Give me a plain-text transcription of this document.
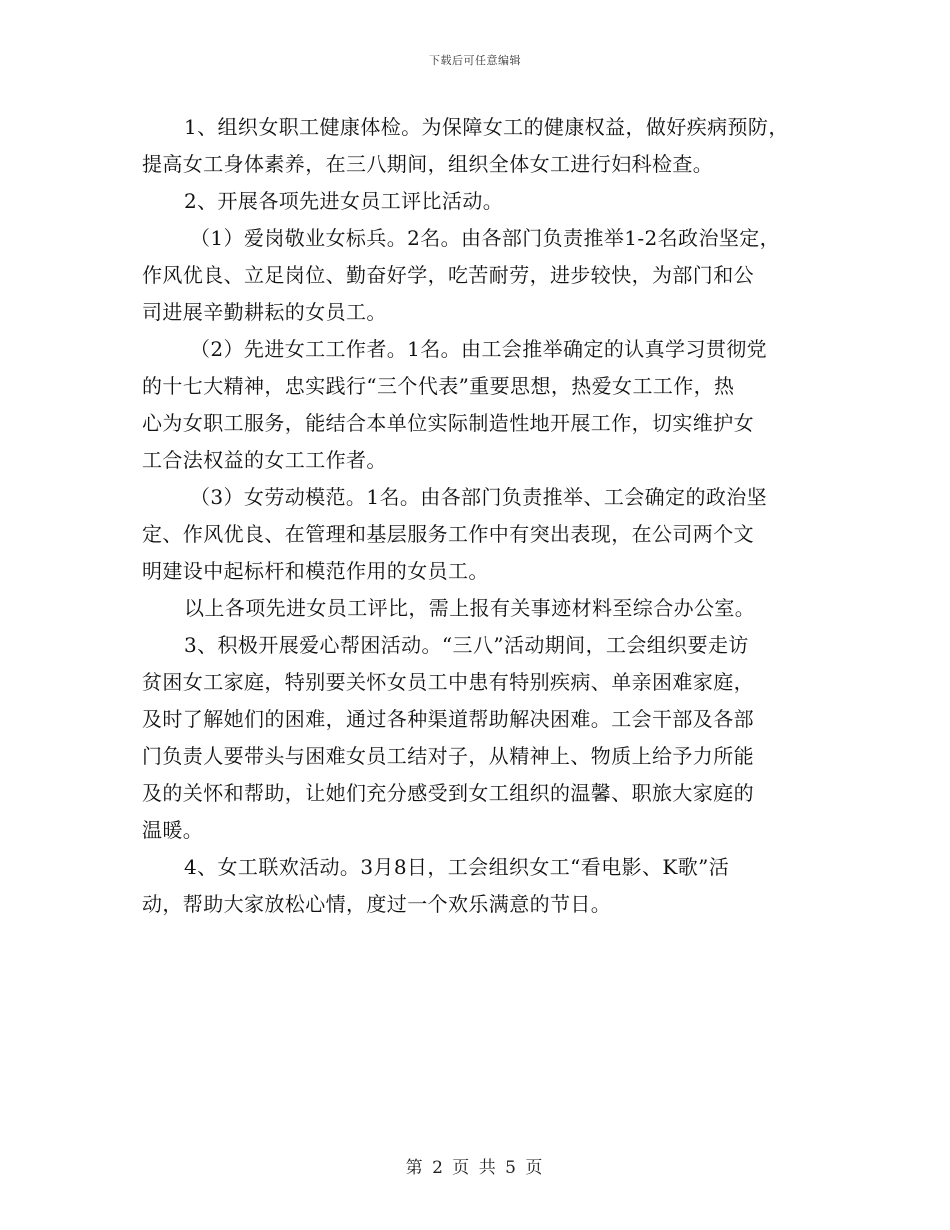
下载后可任意编辑
1、组织女职工健康体检。为保障女工的健康权益，做好疾病预防，
提高女工身体素养，在三八期间，组织全体女工进行妇科检查。
2、开展各项先进女员工评比活动。
（1）爱岗敬业女标兵。2名。由各部门负责推举1-2名政治坚定，
作风优良、立足岗位、勤奋好学，吃苦耐劳，进步较快，为部门和公
司进展辛勤耕耘的女员工。
（2）先进女工工作者。1名。由工会推举确定的认真学习贯彻党
的十七大精神，忠实践行“三个代表”重要思想，热爱女工工作，热
心为女职工服务，能结合本单位实际制造性地开展工作，切实维护女
工合法权益的女工工作者。
（3）女劳动模范。1名。由各部门负责推举、工会确定的政治坚
定、作风优良、在管理和基层服务工作中有突出表现，在公司两个文
明建设中起标杆和模范作用的女员工。
以上各项先进女员工评比，需上报有关事迹材料至综合办公室。
3、积极开展爱心帮困活动。“三八”活动期间，工会组织要走访
贫困女工家庭，特别要关怀女员工中患有特别疾病、单亲困难家庭，
及时了解她们的困难，通过各种渠道帮助解决困难。工会干部及各部
门负责人要带头与困难女员工结对子，从精神上、物质上给予力所能
及的关怀和帮助，让她们充分感受到女工组织的温馨、职旅大家庭的
温暖。
4、女工联欢活动。3月8日，工会组织女工“看电影、K歌”活
动，帮助大家放松心情，度过一个欢乐满意的节日。
第 2 页 共 5 页
